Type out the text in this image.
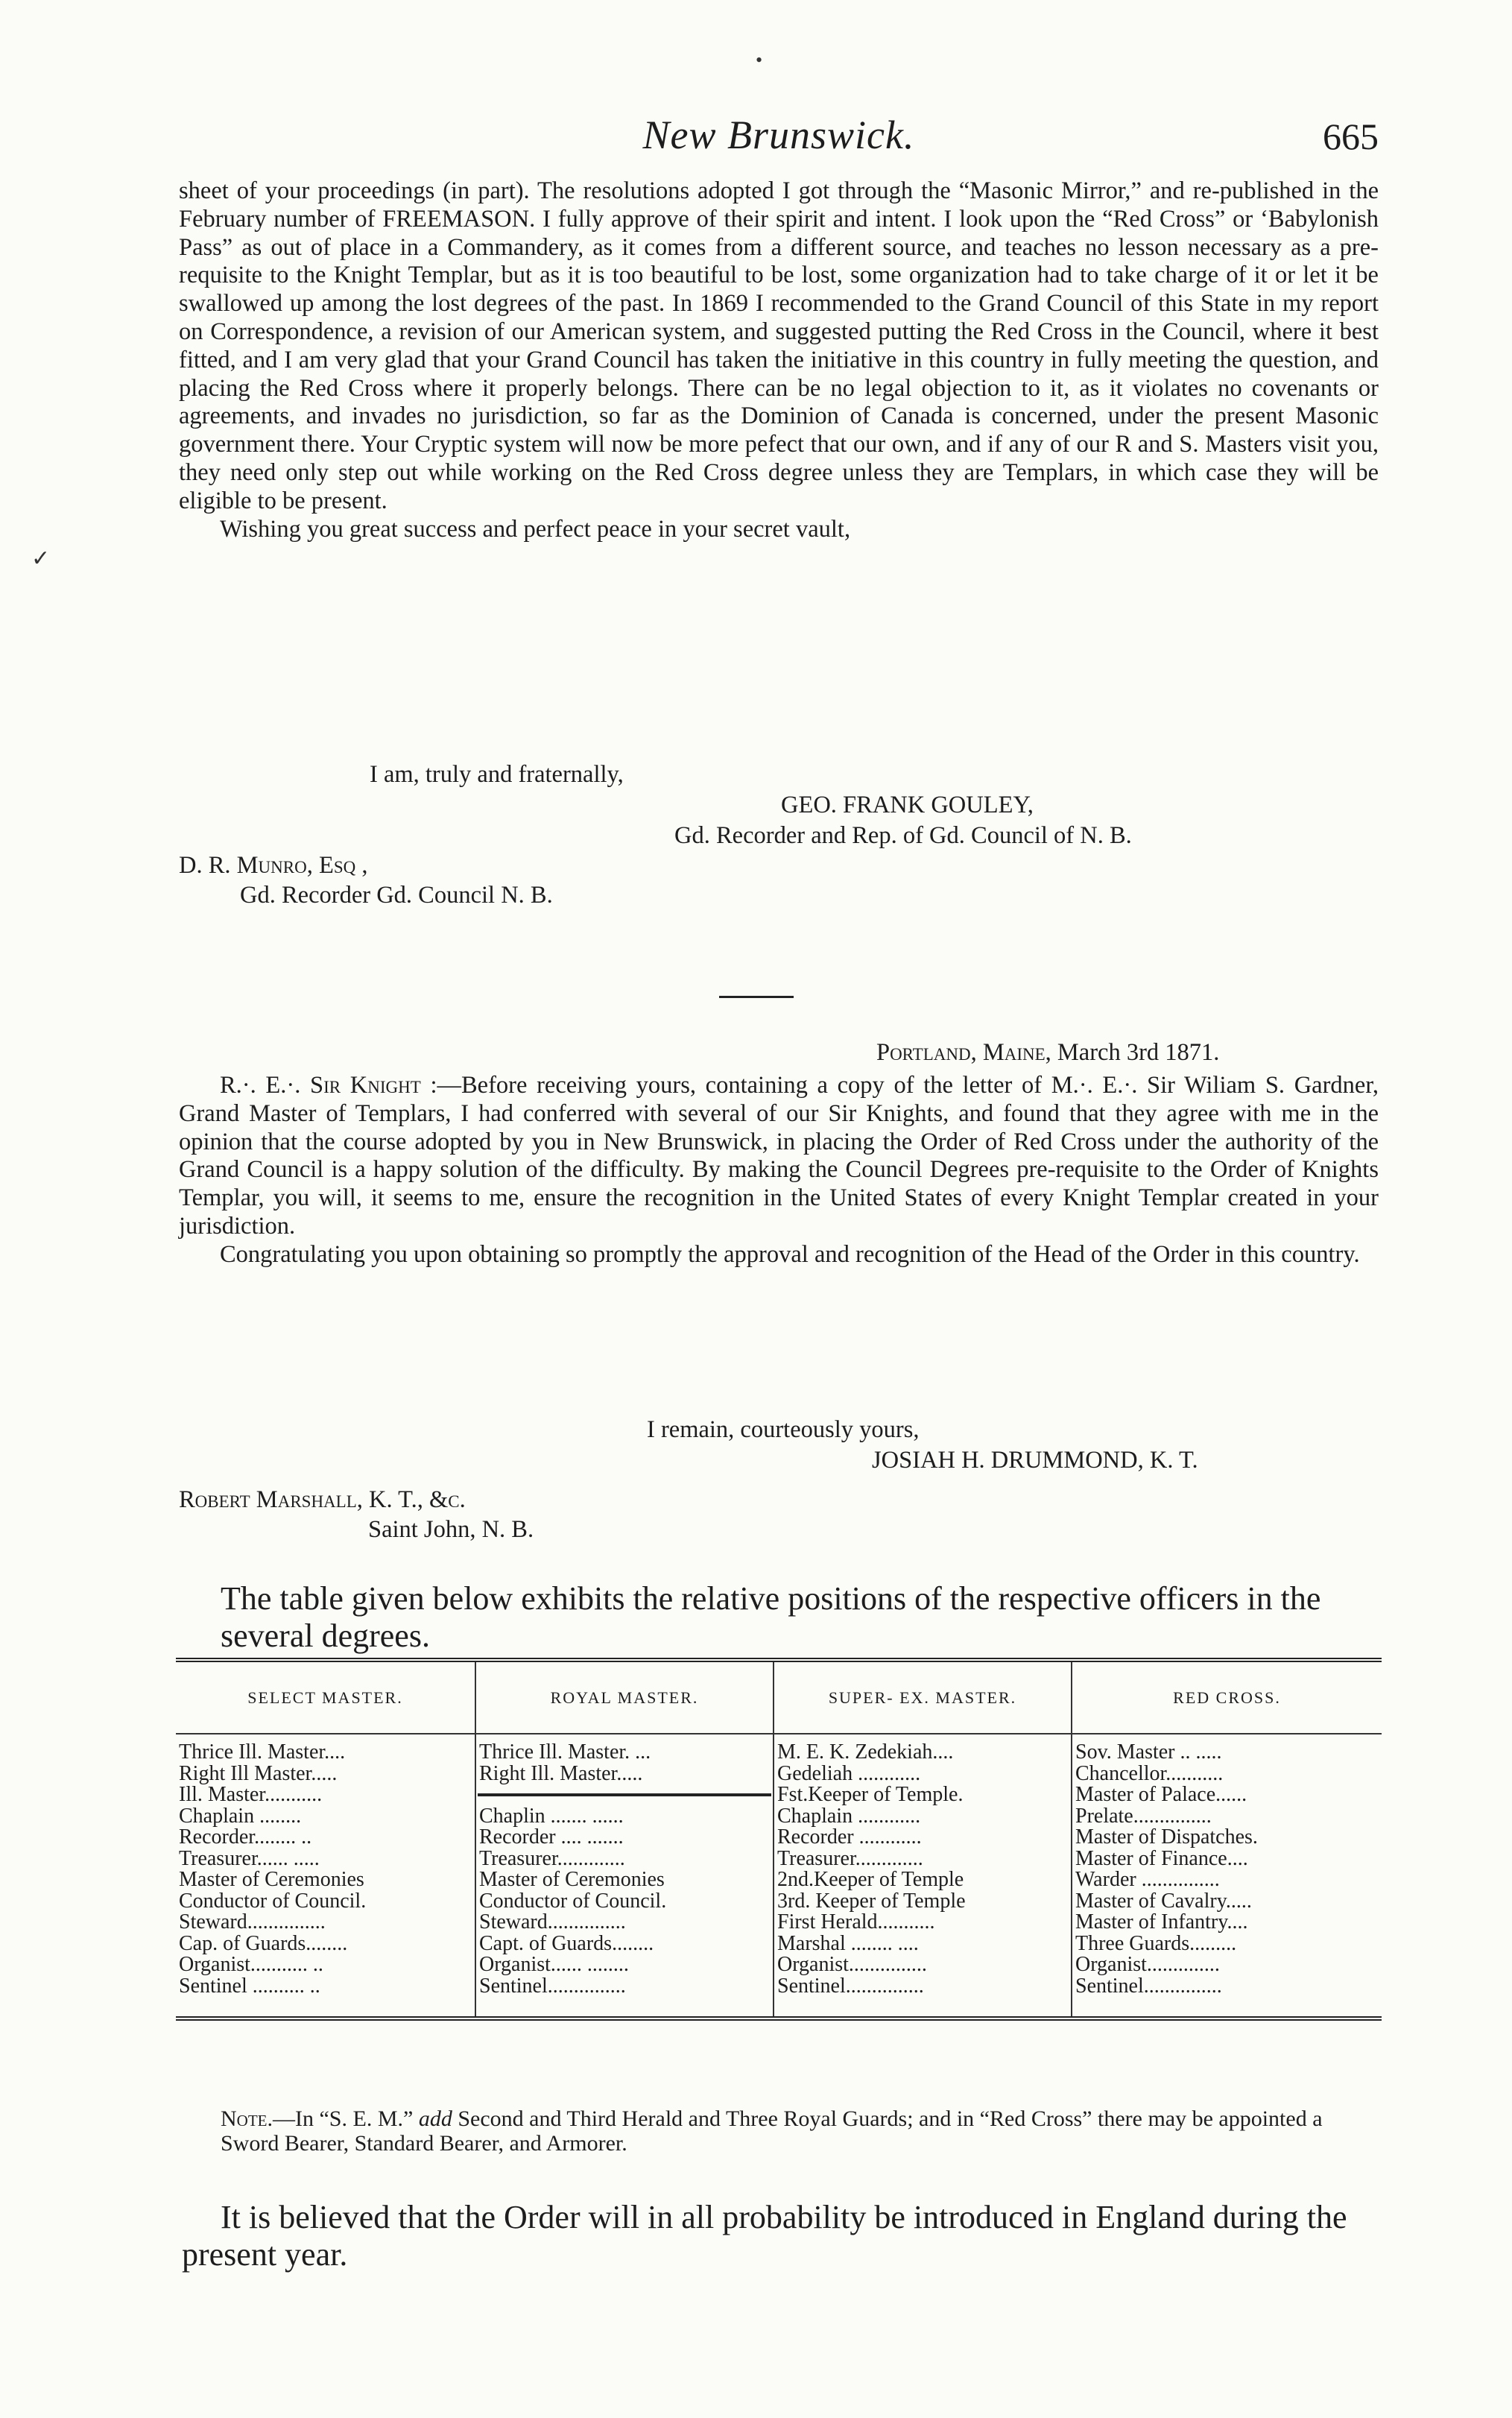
•
✓
New Brunswick.	665

sheet of your proceedings (in part). The resolutions adopted I got through the “Masonic Mirror,” and re-published in the February number of FREEMASON. I fully approve of their spirit and intent. I look upon the “Red Cross” or ‘Babylonish Pass” as out of place in a Commandery, as it comes from a different source, and teaches no lesson necessary as a pre-requisite to the Knight Templar, but as it is too beautiful to be lost, some organization had to take charge of it or let it be swallowed up among the lost degrees of the past. In 1869 I recommended to the Grand Council of this State in my report on Correspondence, a revision of our American system, and suggested putting the Red Cross in the Council, where it best fitted, and I am very glad that your Grand Council has taken the initiative in this country in fully meeting the question, and placing the Red Cross where it properly belongs. There can be no legal objection to it, as it violates no covenants or agreements, and invades no jurisdiction, so far as the Dominion of Canada is concerned, under the present Masonic government there. Your Cryptic system will now be more pefect that our own, and if any of our R and S. Masters visit you, they need only step out while working on the Red Cross degree unless they are Templars, in which case they will be eligible to be present.

Wishing you great success and perfect peace in your secret vault,

I am, truly and fraternally,
GEO. FRANK GOULEY,
Gd. Recorder and Rep. of Gd. Council of N. B.
D. R. Munro, Esq ,
Gd. Recorder Gd. Council N. B.
Portland, Maine, March 3rd 1871.

R.·. E.·. Sir Knight :—Before receiving yours, containing a copy of the letter of M.·. E.·. Sir Wiliam S. Gardner, Grand Master of Templars, I had conferred with several of our Sir Knights, and found that they agree with me in the opinion that the course adopted by you in New Brunswick, in placing the Order of Red Cross under the authority of the Grand Council is a happy solution of the difficulty. By making the Council Degrees pre-requisite to the Order of Knights Templar, you will, it seems to me, ensure the recognition in the United States of every Knight Templar created in your jurisdiction.

Congratulating you upon obtaining so promptly the approval and recognition of the Head of the Order in this country.

I remain, courteously yours,
JOSIAH H. DRUMMOND, K. T.
Robert Marshall, K. T., &c.
Saint John, N. B.

The table given below exhibits the relative positions of the respective officers in the several degrees.

SELECT MASTER.	ROYAL MASTER.	SUPER- EX. MASTER.	RED CROSS.
Thrice Ill. Master....	Thrice Ill. Master. ...	M. E. K. Zedekiah....	Sov. Master .. .....
Right Ill Master.....	Right Ill. Master.....	Gedeliah ............	Chancellor...........
Ill. Master...........		Fst.Keeper of Temple.	Master of Palace......
Chaplain ........	Chaplin ....... ......	Chaplain ............	Prelate...............
Recorder........ ..	Recorder .... .......	Recorder ............	Master of Dispatches.
Treasurer...... .....	Treasurer.............	Treasurer.............	Master of Finance....
Master of Ceremonies	Master of Ceremonies	2nd.Keeper of Temple	Warder ...............
Conductor of Council.	Conductor of Council.	3rd. Keeper of Temple	Master of Cavalry.....
Steward...............	Steward...............	First Herald...........	Master of Infantry....
Cap. of Guards........	Capt. of Guards........	Marshal ........ ....	Three Guards.........
Organist........... ..	Organist...... ........	Organist...............	Organist..............
Sentinel .......... ..	Sentinel...............	Sentinel...............	Sentinel...............
Note.—In “S. E. M.” add Second and Third Herald and Three Royal Guards; and in “Red Cross” there may be appointed a Sword Bearer, Standard Bearer, and Armorer.
It is believed that the Order will in all probability be introduced in England during the present year.
